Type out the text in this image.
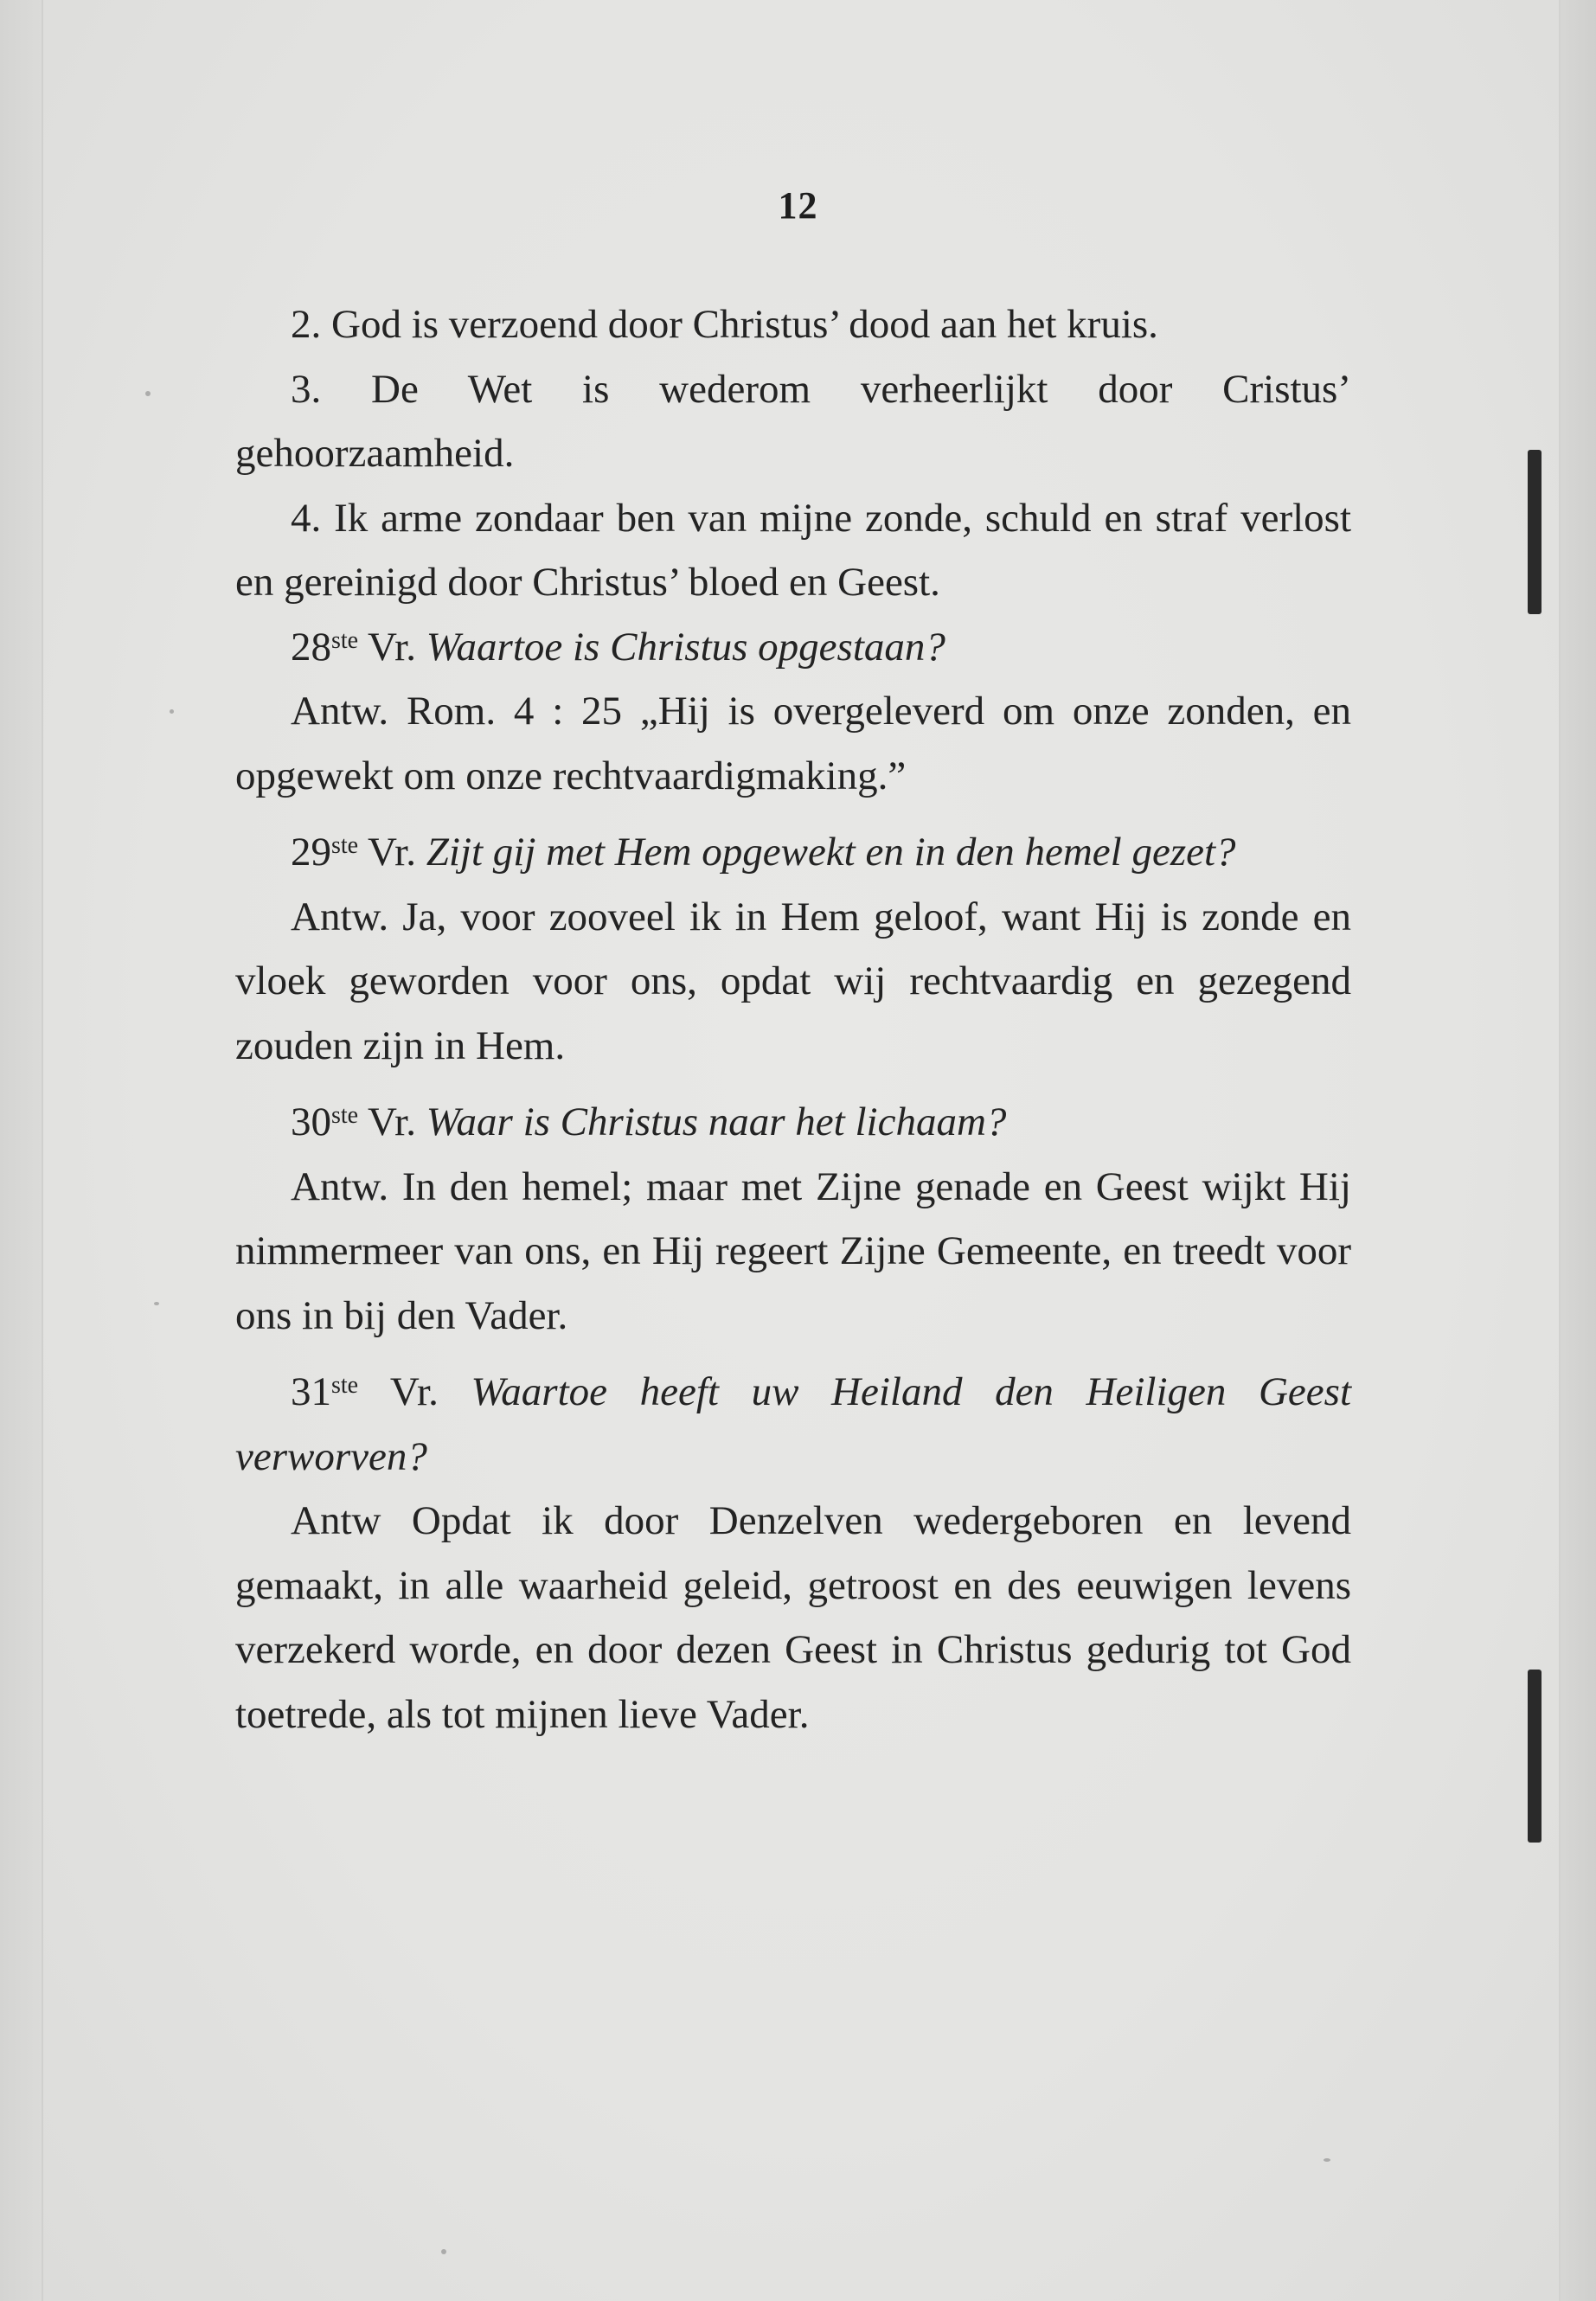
12

2. God is verzoend door Christus’ dood aan het kruis.

3. De Wet is wederom verheerlijkt door Cristus’ gehoorzaamheid.

4. Ik arme zondaar ben van mijne zonde, schuld en straf verlost en gereinigd door Christus’ bloed en Geest.

28ste Vr. Waartoe is Christus opgestaan?

Antw. Rom. 4 : 25 „Hij is overgeleverd om onze zonden, en opgewekt om onze rechtvaardigmaking.”

29ste Vr. Zijt gij met Hem opgewekt en in den hemel gezet?

Antw. Ja, voor zooveel ik in Hem geloof, want Hij is zonde en vloek geworden voor ons, opdat wij rechtvaardig en gezegend zouden zijn in Hem.

30ste Vr. Waar is Christus naar het lichaam?

Antw. In den hemel; maar met Zijne genade en Geest wijkt Hij nimmermeer van ons, en Hij regeert Zijne Gemeente, en treedt voor ons in bij den Vader.

31ste Vr. Waartoe heeft uw Heiland den Heiligen Geest verworven?

Antw Opdat ik door Denzelven wedergeboren en levend gemaakt, in alle waarheid geleid, getroost en des eeuwigen levens verzekerd worde, en door dezen Geest in Christus gedurig tot God toetrede, als tot mijnen lieve Vader.
